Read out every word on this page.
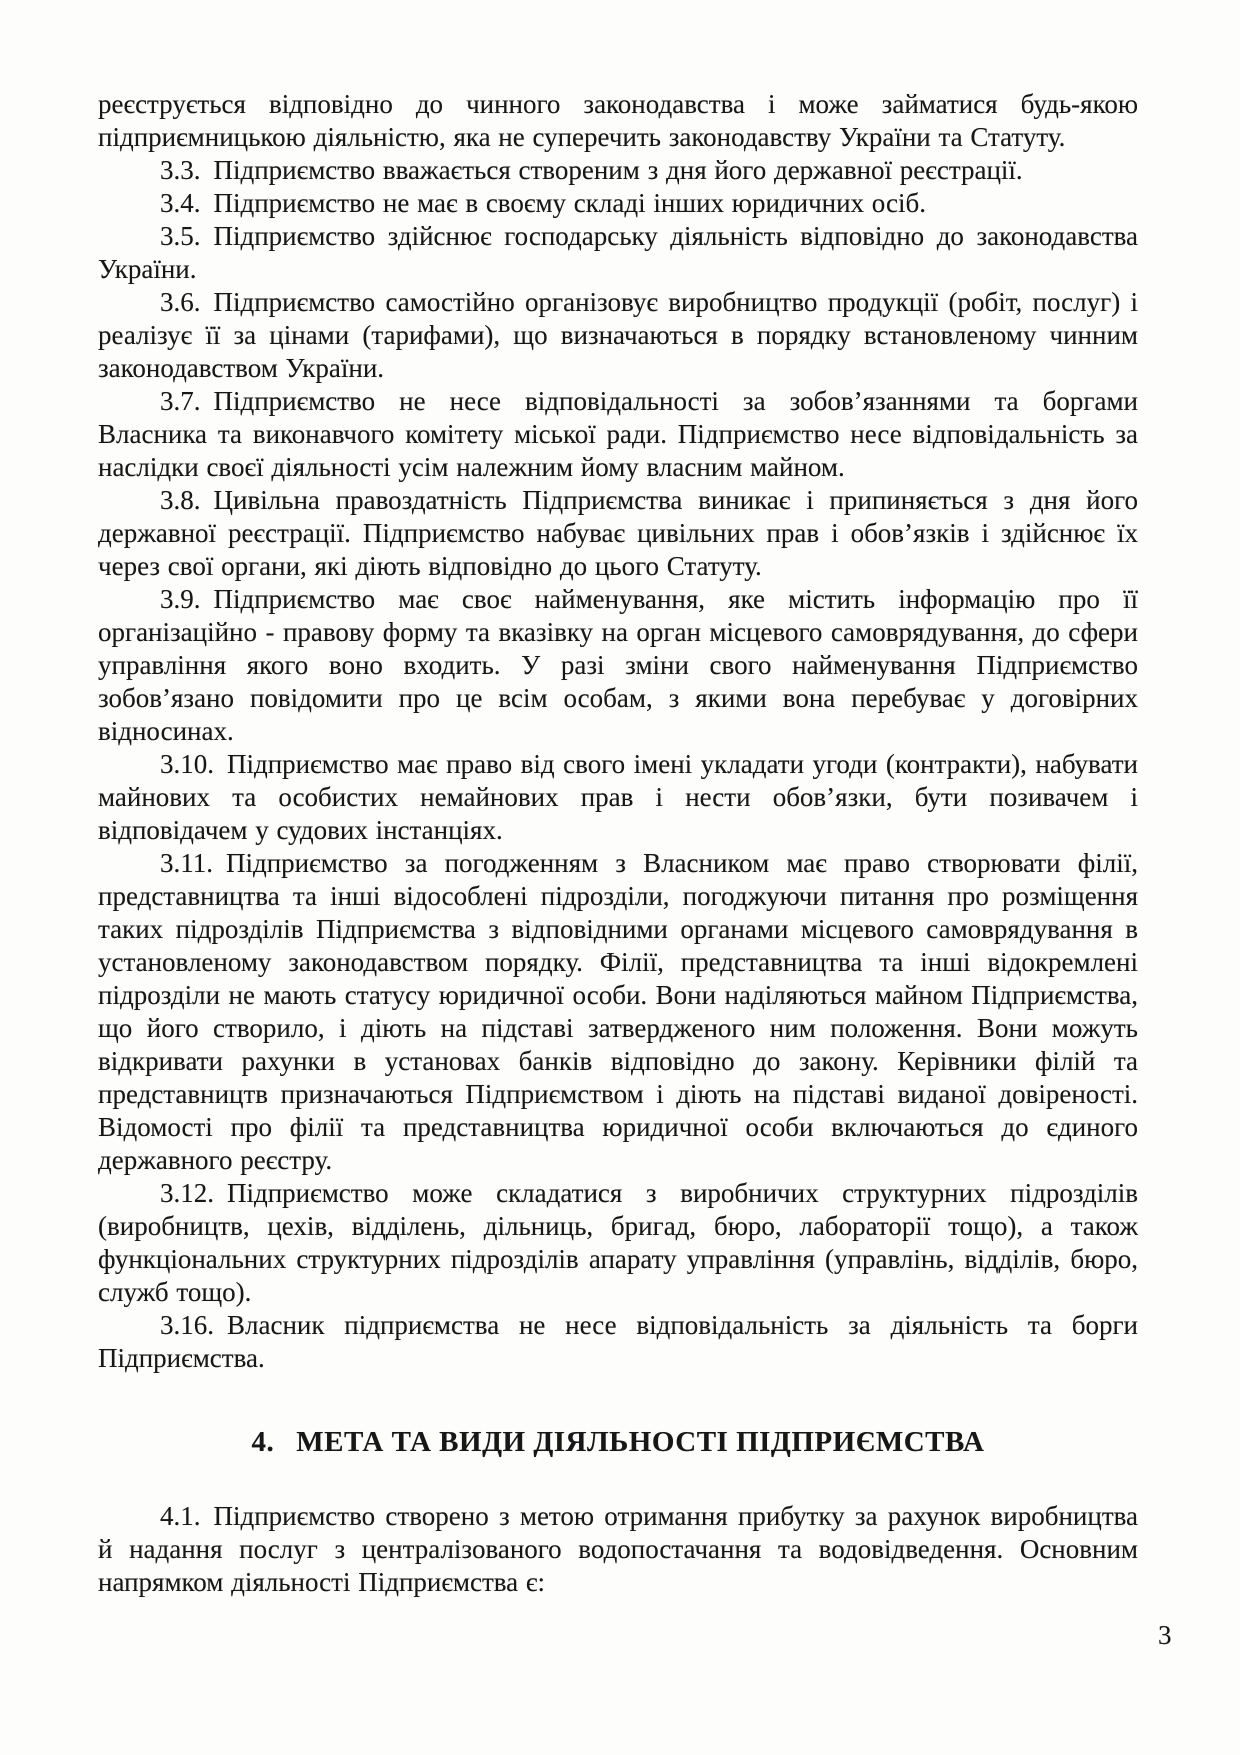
реєструється відповідно до чинного законодавства і може займатися будь-якою підприємницькою діяльністю, яка не суперечить законодавству України та Статуту.

3.3. Підприємство вважається створеним з дня його державної реєстрації.

3.4. Підприємство не має в своєму складі інших юридичних осіб.

3.5. Підприємство здійснює господарську діяльність відповідно до законодавства України.

3.6. Підприємство самостійно організовує виробництво продукції (робіт, послуг) і реалізує її за цінами (тарифами), що визначаються в порядку встановленому чинним законодавством України.

3.7. Підприємство не несе відповідальності за зобов’язаннями та боргами Власника та виконавчого комітету міської ради. Підприємство несе відповідальність за наслідки своєї діяльності усім належним йому власним майном.

3.8. Цивільна правоздатність Підприємства виникає і припиняється з дня його державної реєстрації. Підприємство набуває цивільних прав і обов’язків і здійснює їх через свої органи, які діють відповідно до цього Статуту.

3.9. Підприємство має своє найменування, яке містить інформацію про її організаційно - правову форму та вказівку на орган місцевого самоврядування, до сфери управління якого воно входить. У разі зміни свого найменування Підприємство зобов’язано повідомити про це всім особам, з якими вона перебуває у договірних відносинах.

3.10. Підприємство має право від свого імені укладати угоди (контракти), набувати майнових та особистих немайнових прав і нести обов’язки, бути позивачем і відповідачем у судових інстанціях.

3.11. Підприємство за погодженням з Власником має право створювати філії, представництва та інші відособлені підрозділи, погоджуючи питання про розміщення таких підрозділів Підприємства з відповідними органами місцевого самоврядування в установленому законодавством порядку. Філії, представництва та інші відокремлені підрозділи не мають статусу юридичної особи. Вони наділяються майном Підприємства, що його створило, і діють на підставі затвердженого ним положення. Вони можуть відкривати рахунки в установах банків відповідно до закону. Керівники філій та представництв призначаються Підприємством і діють на підставі виданої довіреності. Відомості про філії та представництва юридичної особи включаються до єдиного державного реєстру.

3.12. Підприємство може складатися з виробничих структурних підрозділів (виробництв, цехів, відділень, дільниць, бригад, бюро, лабораторії тощо), а також функціональних структурних підрозділів апарату управління (управлінь, відділів, бюро, служб тощо).

3.16. Власник підприємства не несе відповідальність за діяльність та борги Підприємства.

4. МЕТА ТА ВИДИ ДІЯЛЬНОСТІ ПІДПРИЄМСТВА

4.1. Підприємство створено з метою отримання прибутку за рахунок виробництва й надання послуг з централізованого водопостачання та водовідведення. Основним напрямком діяльності Підприємства є:

3
